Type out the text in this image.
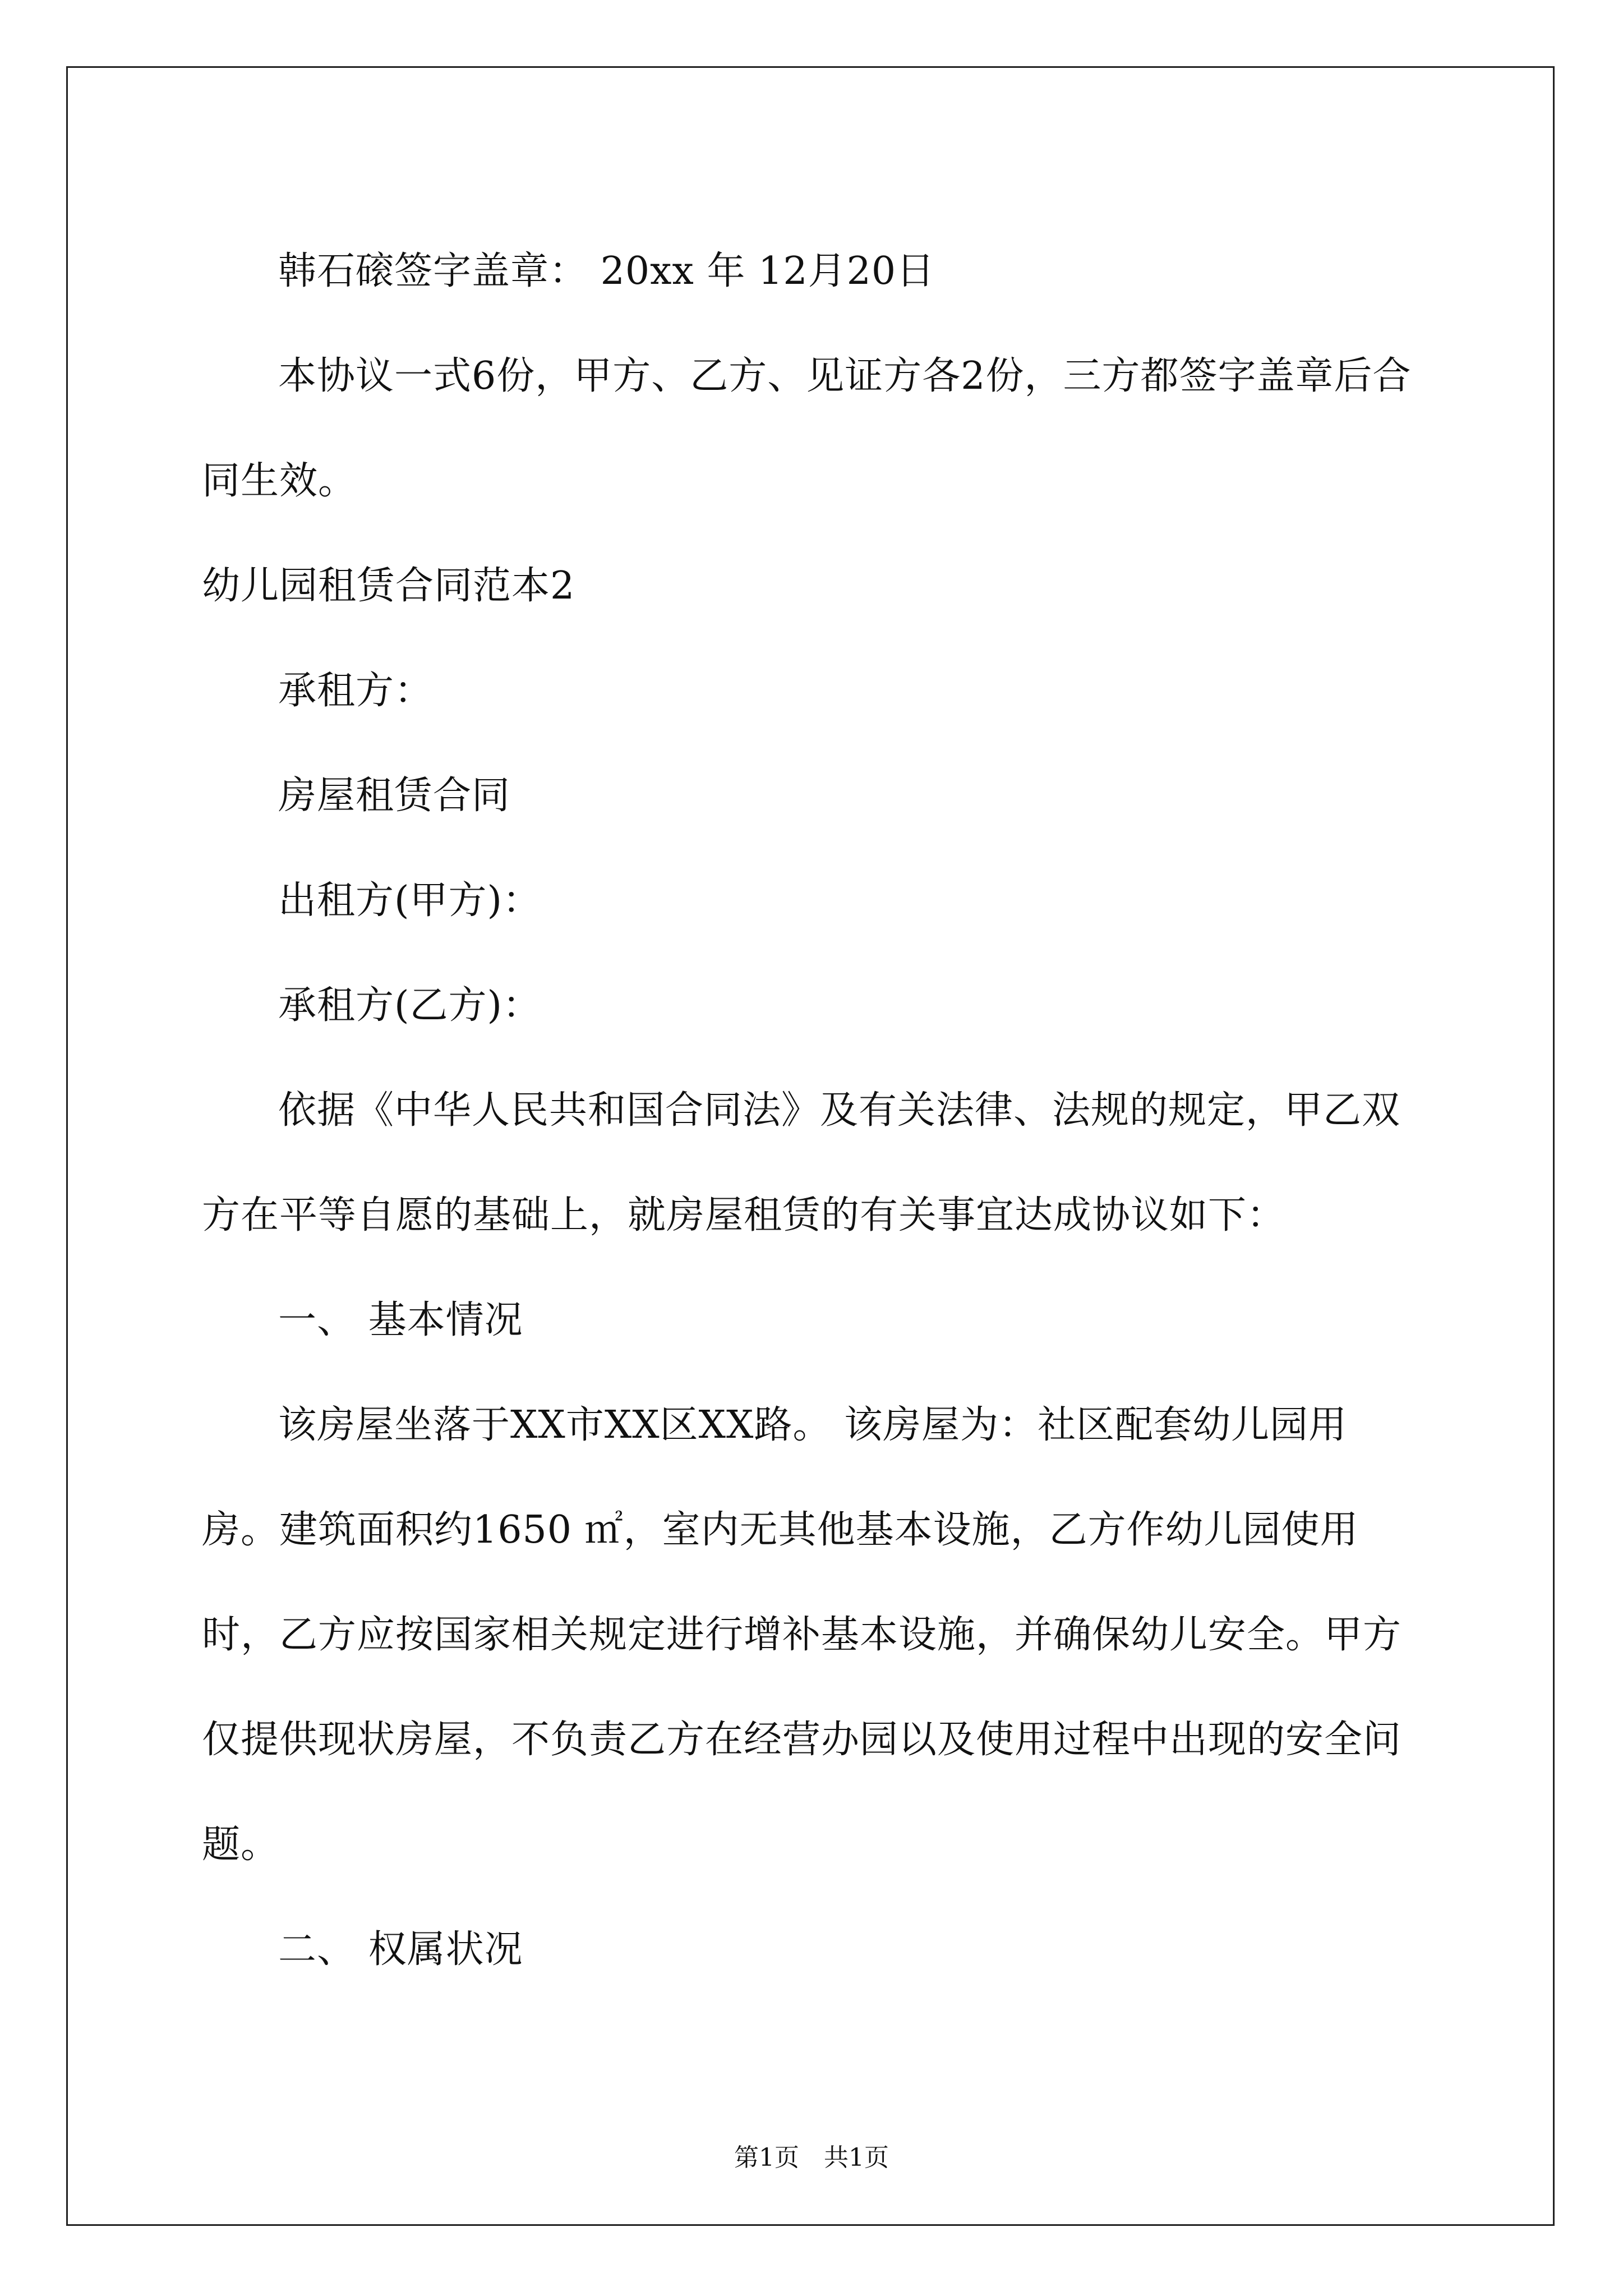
韩石磙签字盖章： 20xx 年 12月20日

本协议一式6份，甲方、乙方、见证方各2份，三方都签字盖章后合同生效。

幼儿园租赁合同范本2

承租方：

房屋租赁合同

出租方(甲方)：

承租方(乙方)：

依据《中华人民共和国合同法》及有关法律、法规的规定，甲乙双方在平等自愿的基础上，就房屋租赁的有关事宜达成协议如下：

一、 基本情况

该房屋坐落于XX市XX区XX路。 该房屋为：社区配套幼儿园用房。建筑面积约1650 ㎡，室内无其他基本设施，乙方作幼儿园使用时，乙方应按国家相关规定进行增补基本设施，并确保幼儿安全。甲方仅提供现状房屋，不负责乙方在经营办园以及使用过程中出现的安全问题。

二、 权属状况

第1页　共1页
